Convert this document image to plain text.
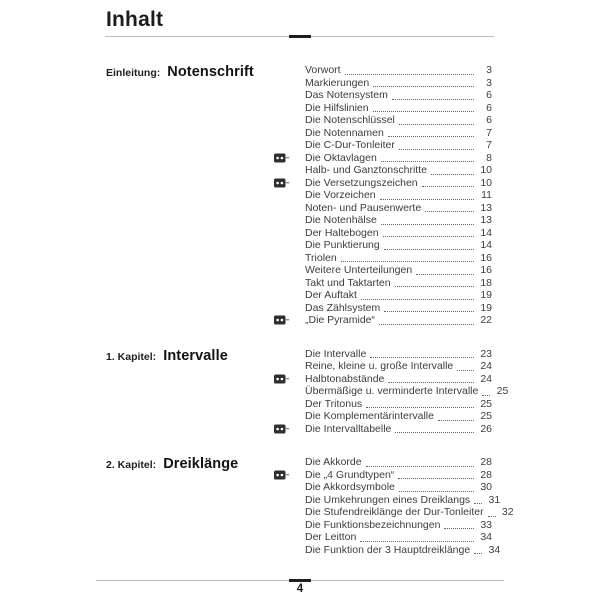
Inhalt
Einleitung: Notenschrift	Vorwort	3
Markierungen	3
Das Notensystem	6
Die Hilfslinien	6
Die Notenschlüssel	6
Die Notennamen	7
Die C-Dur-Tonleiter	7
Die Oktavlagen	8
Halb- und Ganztonschritte	10
Die Versetzungszeichen	10
Die Vorzeichen	11
Noten- und Pausenwerte	13
Die Notenhälse	13
Der Haltebogen	14
Die Punktierung	14
Triolen	16
Weitere Unterteilungen	16
Takt und Taktarten	18
Der Auftakt	19
Das Zählsystem	19
„Die Pyramide“	22
1. Kapitel: Intervalle	Die Intervalle	23
Reine, kleine u. große Intervalle	24
Halbtonabstände	24
Übermäßige u. verminderte Intervalle 25
Der Tritonus	25
Die Komplementärintervalle	25
Die Intervalltabelle	26
2. Kapitel: Dreiklänge	Die Akkorde	28
Die „4 Grundtypen“	28
Die Akkordsymbole	30
Die Umkehrungen eines Dreiklangs 31
Die Stufendreiklänge der Dur-Tonleiter 32
Die Funktionsbezeichnungen	33
Der Leitton	34
Die Funktion der 3 Hauptdreiklänge 34
4
